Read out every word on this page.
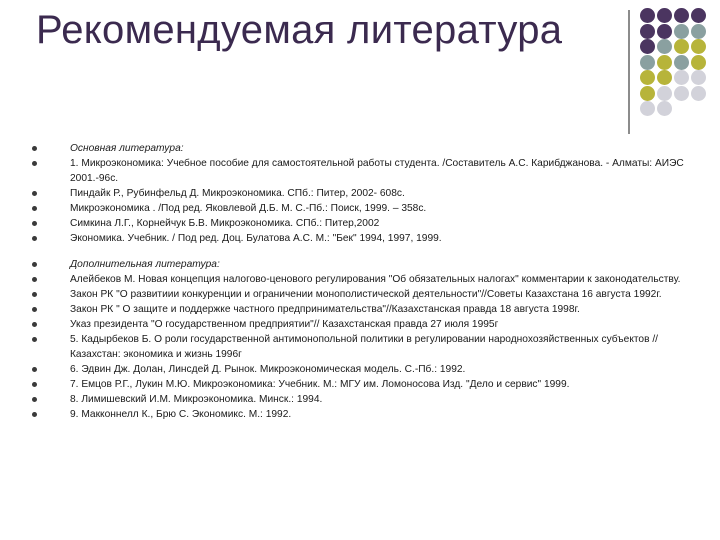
Рекомендуемая литература
Основная литература:
1. Микроэкономика: Учебное пособие для самостоятельной работы студента. /Составитель А.С. Карибджанова. - Алматы: АИЭС 2001.-96с.
Пиндайк Р., Рубинфельд Д. Микроэкономика. СПб.: Питер, 2002- 608с.
Микроэкономика . /Под ред. Яковлевой Д.Б. М. С.-Пб.: Поиск, 1999. – 358с.
Симкина Л.Г., Корнейчук Б.В. Микроэкономика. СПб.: Питер,2002
Экономика. Учебник. / Под ред. Доц. Булатова А.С. М.: "Бек" 1994, 1997, 1999.
Дополнительная литература:
Алейбеков М. Новая концепция налогово-ценового регулирования "Об обязательных налогах" комментарии к законодательству.
Закон РК "О развитиии конкуренции и ограничении монополистической деятельности"//Советы Казахстана 16 августа 1992г.
Закон РК " О защите и поддержке частного предпринимательства"//Казахстанская правда 18 августа 1998г.
Указ президента "О государственном предприятии"// Казахстанская правда 27 июля 1995г
5. Кадырбеков Б. О роли государственной антимонопольной политики в регулировании народнохозяйственных субъектов // Казахстан: экономика и жизнь 1996г
6. Эдвин Дж. Долан, Линсдей Д. Рынок. Микроэкономическая модель. С.-Пб.: 1992.
7. Емцов Р.Г., Лукин М.Ю. Микроэкономика: Учебник. М.: МГУ им. Ломоносова Изд. "Дело и сервис" 1999.
8. Лимишевский И.М. Микроэкономика. Минск.: 1994.
9. Макконнелл К., Брю С. Экономикс. М.: 1992.
